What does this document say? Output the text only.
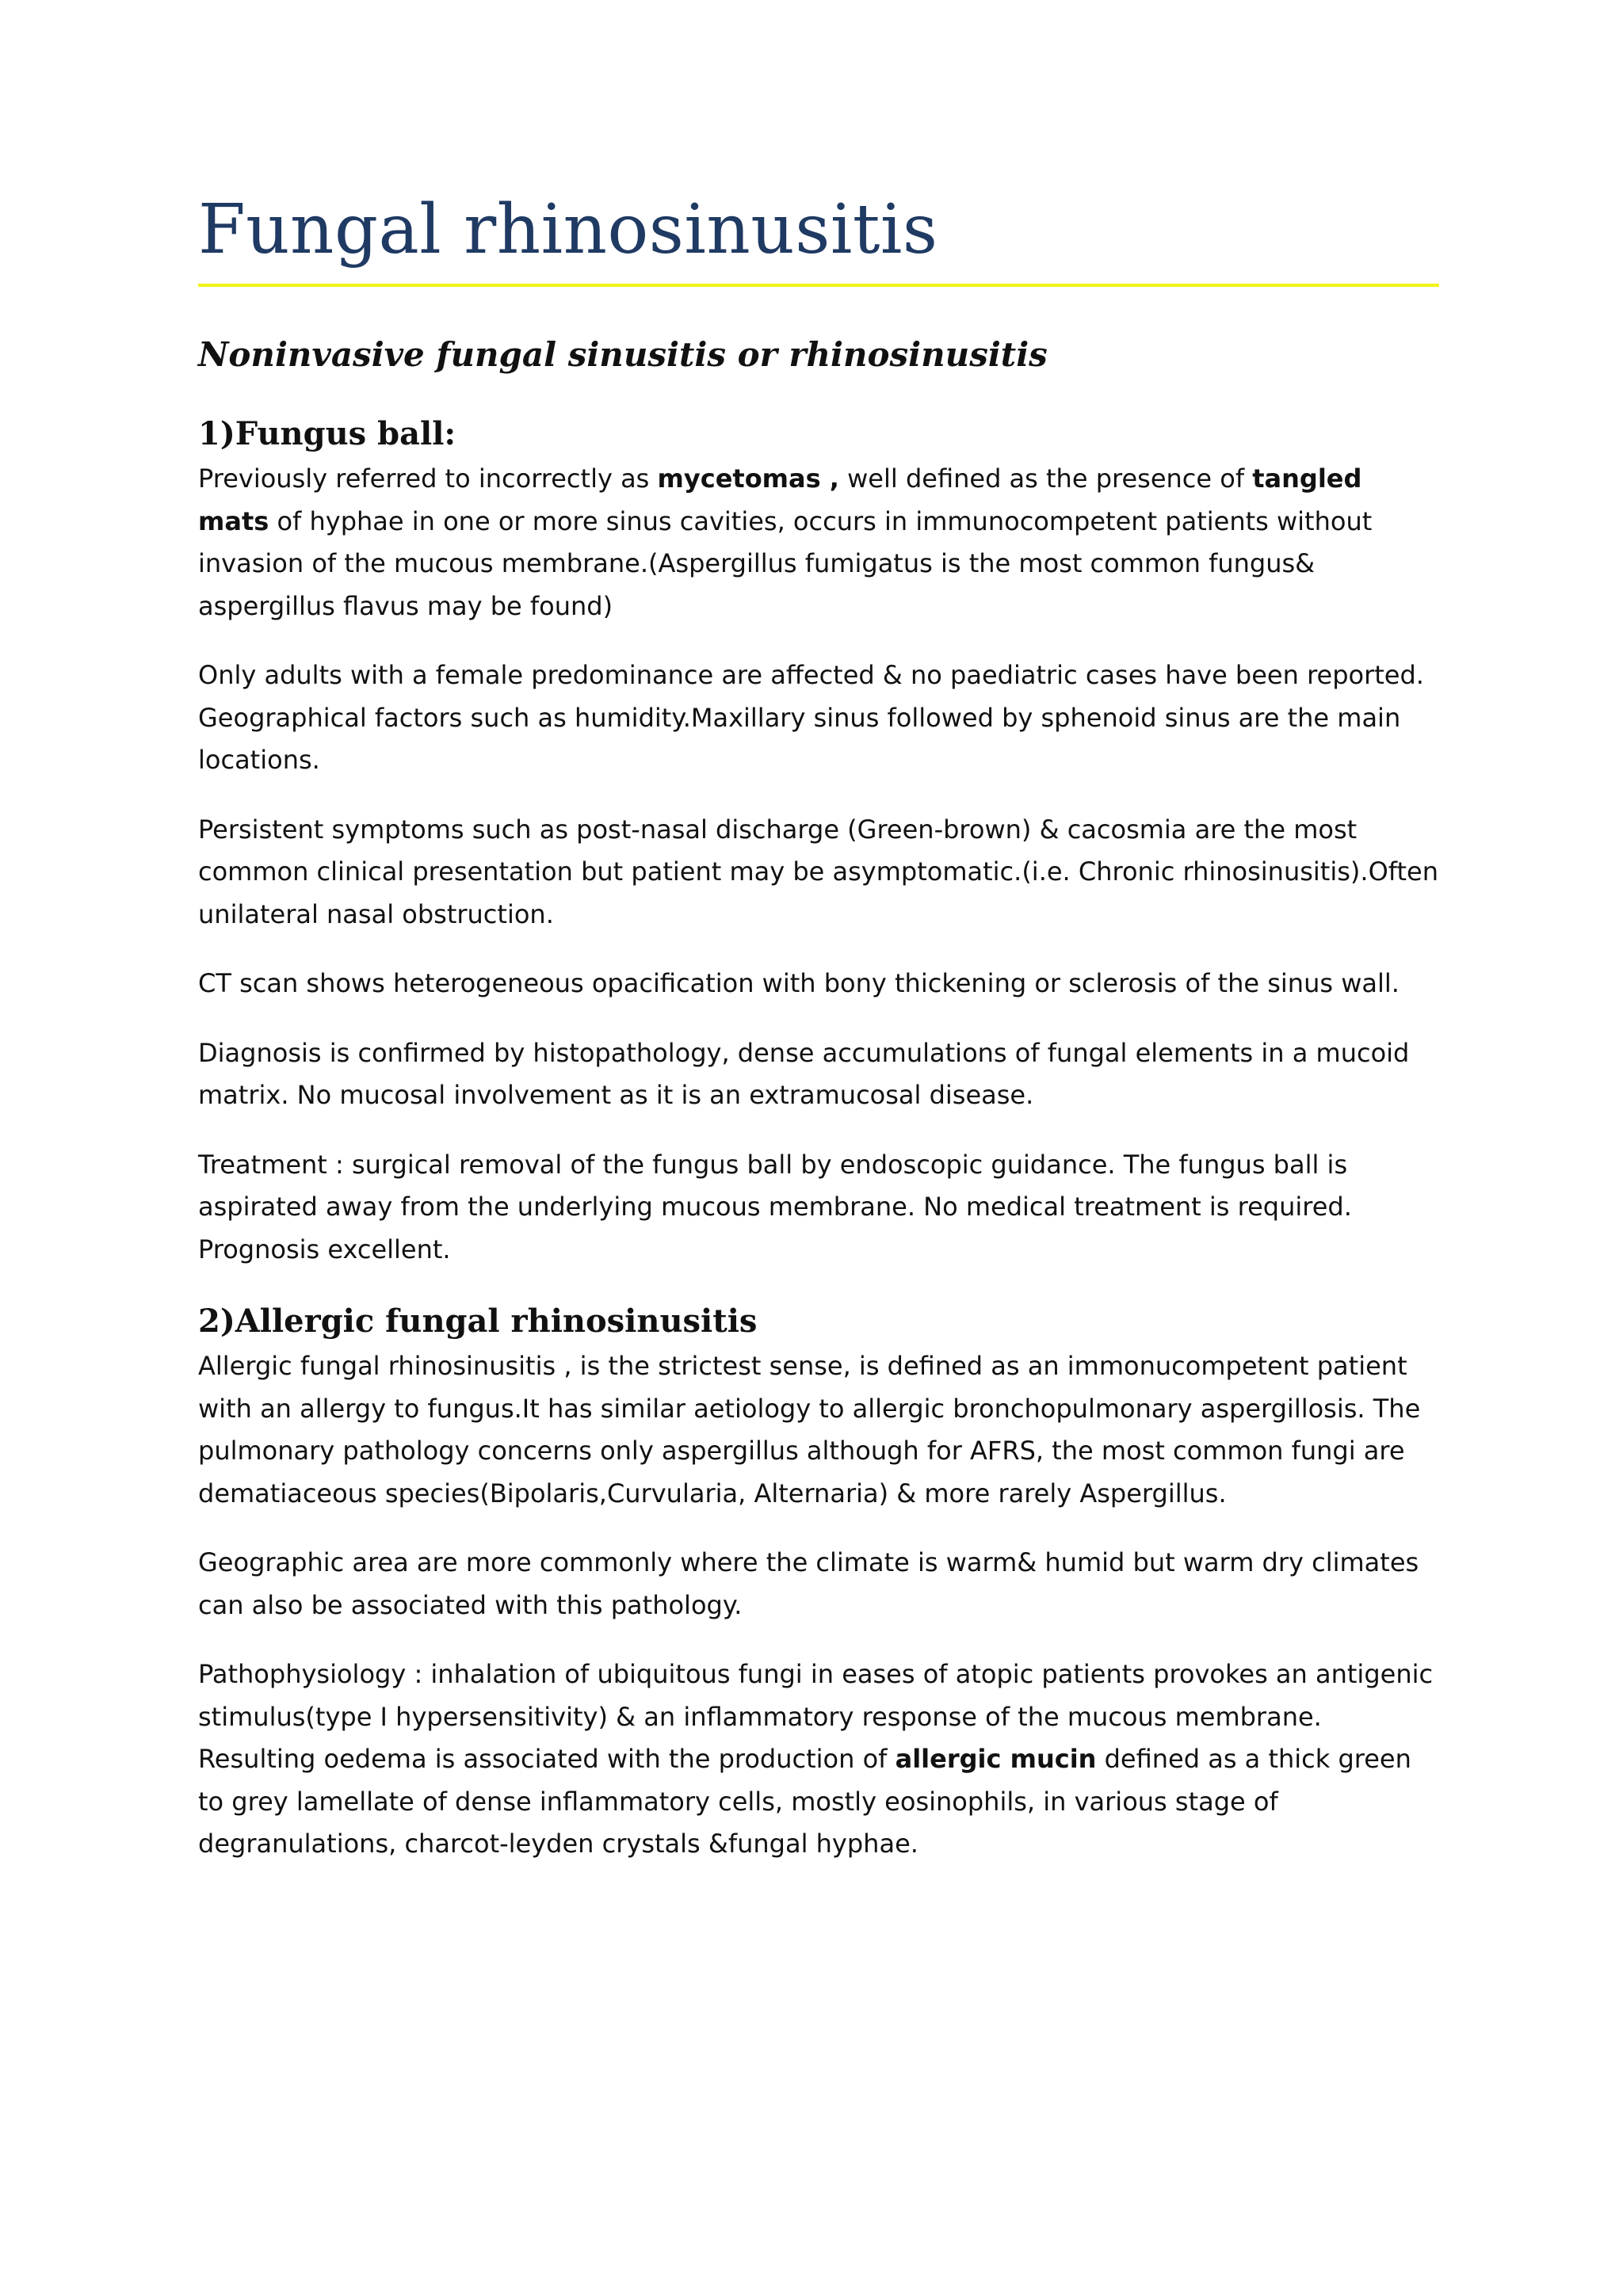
Fungal rhinosinusitis
Noninvasive fungal sinusitis or rhinosinusitis
1)Fungus ball:

Previously referred to incorrectly as mycetomas , well defined as the presence of tangled mats of hyphae in one or more sinus cavities, occurs in immunocompetent patients without invasion of the mucous membrane.(Aspergillus fumigatus is the most common fungus& aspergillus flavus may be found)

Only adults with a female predominance are affected & no paediatric cases have been reported. Geographical factors such as humidity.Maxillary sinus followed by sphenoid sinus are the main locations.

Persistent symptoms such as post-nasal discharge (Green-brown) & cacosmia are the most common clinical presentation but patient may be asymptomatic.(i.e. Chronic rhinosinusitis).Often unilateral nasal obstruction.

CT scan shows heterogeneous opacification with bony thickening or sclerosis of the sinus wall.

Diagnosis is confirmed by histopathology, dense accumulations of fungal elements in a mucoid matrix. No mucosal involvement as it is an extramucosal disease.

Treatment : surgical removal of the fungus ball by endoscopic guidance. The fungus ball is aspirated away from the underlying mucous membrane. No medical treatment is required. Prognosis excellent.

2)Allergic fungal rhinosinusitis

Allergic fungal rhinosinusitis , is the strictest sense, is defined as an immonucompetent patient with an allergy to fungus.It has similar aetiology to allergic bronchopulmonary aspergillosis. The pulmonary pathology concerns only aspergillus although for AFRS, the most common fungi are dematiaceous species(Bipolaris,Curvularia, Alternaria) & more rarely Aspergillus.

Geographic area are more commonly where the climate is warm& humid but warm dry climates can also be associated with this pathology.

Pathophysiology : inhalation of ubiquitous fungi in eases of atopic patients provokes an antigenic stimulus(type I hypersensitivity) & an inflammatory response of the mucous membrane. Resulting oedema is associated with the production of allergic mucin defined as a thick green to grey lamellate of dense inflammatory cells, mostly eosinophils, in various stage of degranulations, charcot-leyden crystals &fungal hyphae.
